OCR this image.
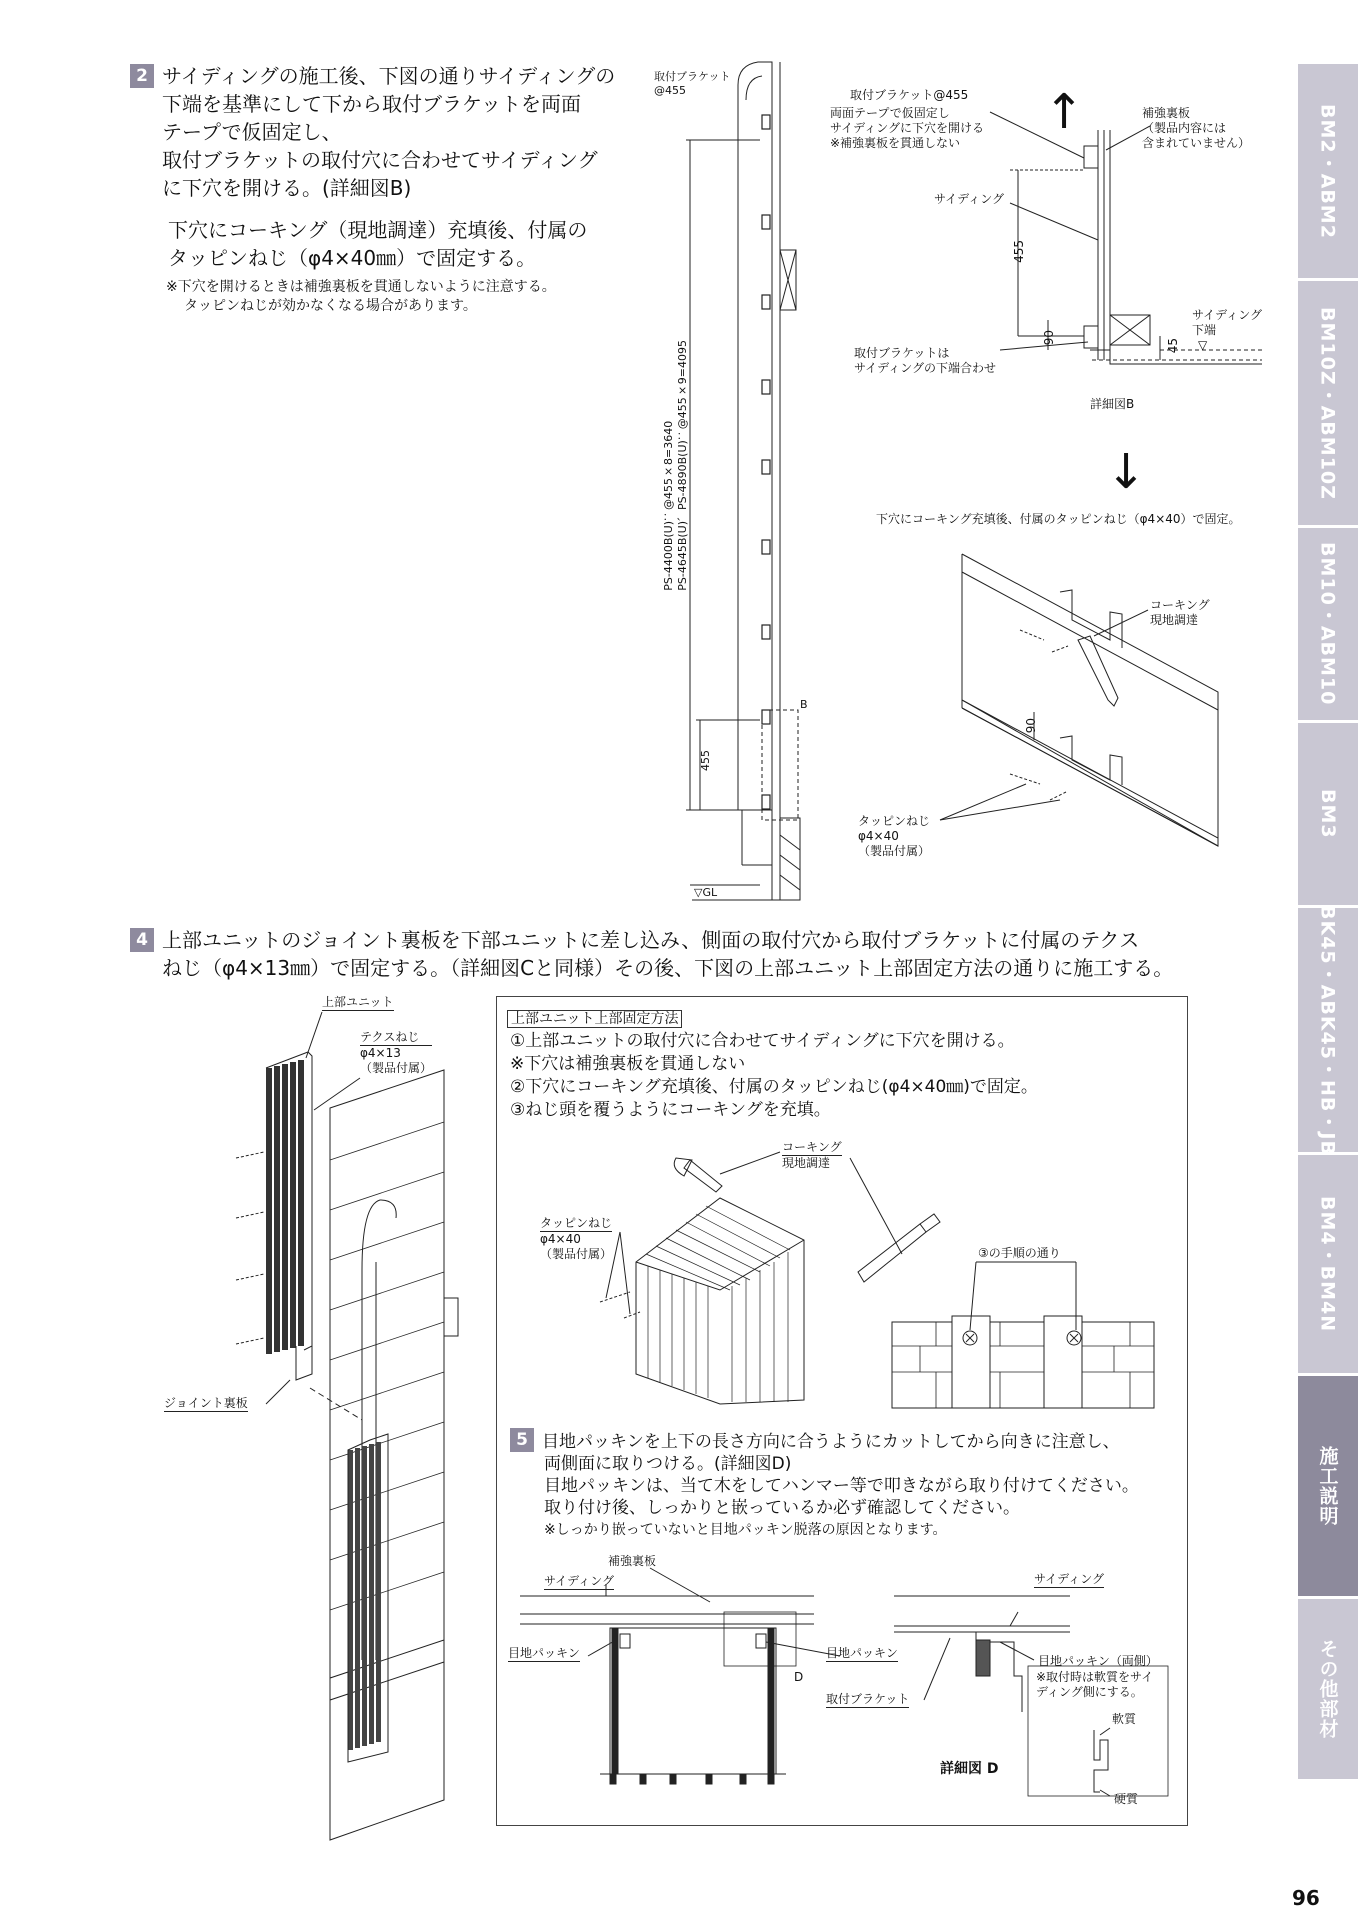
BM2・ABM2
BM10Z・ABM10Z
BM10・ABM10
BM3
BK45・ABK45・HB・JB
BM4・BM4N
施工説明
その他部材
96
2 サイディングの施工後、下図の通りサイディングの
下端を基準にして下から取付ブラケットを両面
テープで仮固定し、
取付ブラケットの取付穴に合わせてサイディング
に下穴を開ける。(詳細図B)
下穴にコーキング（現地調達）充填後、付属の
タッピンねじ（φ4×40㎜）で固定する。
※下穴を開けるときは補強裏板を貫通しないように注意する。
タッピンねじが効かなくなる場合があります。
取付ブラケット
@455
PS-4400B(U)：@455×8=3640 PS-4645B(U)、PS-4890B(U)：@455×9=4095
455
B
▽GL
↑
取付ブラケット@455
両面テープで仮固定し
サイディングに下穴を開ける
※補強裏板を貫通しない
補強裏板
（製品内容には
含まれていません）
サイディング
455
90
45
サイディング
下端
▽
取付ブラケットは
サイディングの下端合わせ
詳細図B
↓
下穴にコーキング充填後、付属のタッピンねじ（φ4×40）で固定。
コーキング
現地調達
90
タッピンねじ
φ4×40
（製品付属）
4 上部ユニットのジョイント裏板を下部ユニットに差し込み、側面の取付穴から取付ブラケットに付属のテクス
ねじ（φ4×13㎜）で固定する。（詳細図Cと同様）その後、下図の上部ユニット上部固定方法の通りに施工する。
上部ユニット
テクスねじ
φ4×13
（製品付属）
ジョイント裏板
上部ユニット上部固定方法
①上部ユニットの取付穴に合わせてサイディングに下穴を開ける。
※下穴は補強裏板を貫通しない
②下穴にコーキング充填後、付属のタッピンねじ(φ4×40㎜)で固定。
③ねじ頭を覆うようにコーキングを充填。
コーキング
現地調達
タッピンねじ
φ4×40
（製品付属）	③の手順の通り
5 目地パッキンを上下の長さ方向に合うようにカットしてから向きに注意し、
両側面に取りつける。(詳細図D)
目地パッキンは、当て木をしてハンマー等で叩きながら取り付けてください。
取り付け後、しっかりと嵌っているか必ず確認してください。
※しっかり嵌っていないと目地パッキン脱落の原因となります。
補強裏板
サイディング
目地パッキン	目地パッキン
D
サイディング
目地パッキン（両側）
取付ブラケット
※取付時は軟質をサイ
ディング側にする。
軟質
硬質
詳細図 D
